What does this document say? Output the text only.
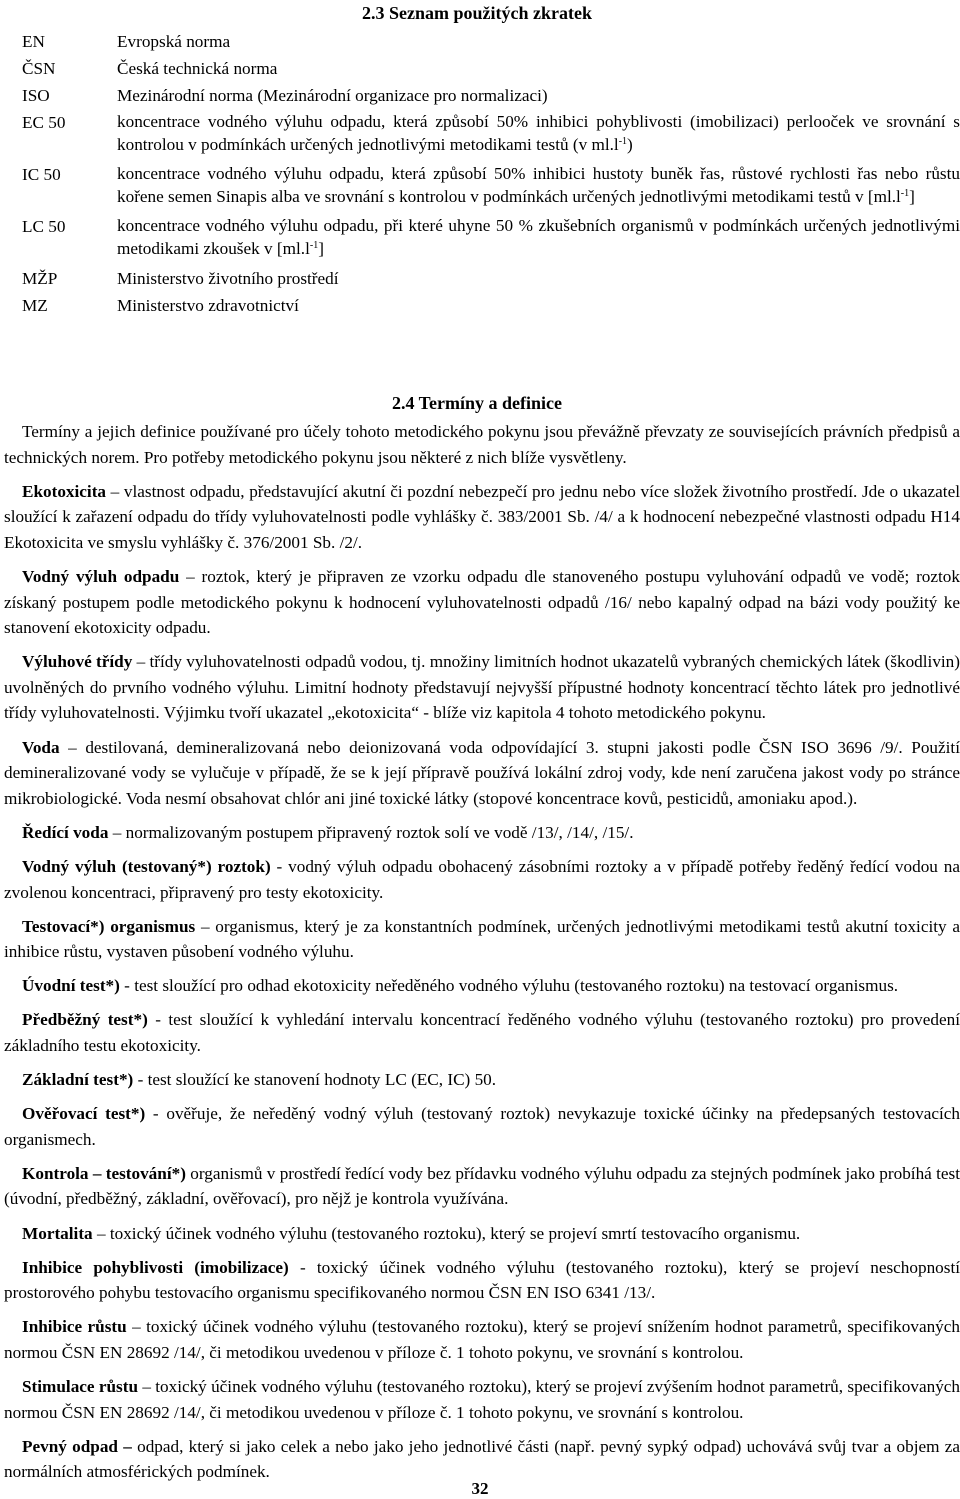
2.3 Seznam použitých zkratek
EN	Evropská norma
ČSN	Česká technická norma
ISO	Mezinárodní norma (Mezinárodní organizace pro normalizaci)
EC 50	koncentrace vodného výluhu odpadu, která způsobí 50% inhibici pohyblivosti (imobilizaci) perlooček ve srovnání s kontrolou v podmínkách určených jednotlivými metodikami testů (v $ml.l^{-1}$)
IC 50	koncentrace vodného výluhu odpadu, která způsobí 50% inhibici hustoty buněk řas, růstové rychlosti řas nebo růstu kořene semen Sinapis alba ve srovnání s kontrolou v podmínkách určených jednotlivými metodikami testů v $[ml.l^{-1}]$
LC 50	koncentrace vodného výluhu odpadu, při které uhyne 50 % zkušebních organismů v podmínkách určených jednotlivými metodikami zkoušek v $[ml.l^{-1}]$
MŽP	Ministerstvo životního prostředí
MZ	Ministerstvo zdravotnictví
2.4 Termíny a definice

Termíny a jejich definice používané pro účely tohoto metodického pokynu jsou převážně převzaty ze souvisejících právních předpisů a technických norem. Pro potřeby metodického pokynu jsou některé z nich blíže vysvětleny.

Ekotoxicita – vlastnost odpadu, představující akutní či pozdní nebezpečí pro jednu nebo více složek životního prostředí. Jde o ukazatel sloužící k zařazení odpadu do třídy vyluhovatelnosti podle vyhlášky č. 383/2001 Sb. /4/ a k hodnocení nebezpečné vlastnosti odpadu H14 Ekotoxicita ve smyslu vyhlášky č. 376/2001 Sb. /2/.

Vodný výluh odpadu – roztok, který je připraven ze vzorku odpadu dle stanoveného postupu vyluhování odpadů ve vodě; roztok získaný postupem podle metodického pokynu k hodnocení vyluhovatelnosti odpadů /16/ nebo kapalný odpad na bázi vody použitý ke stanovení ekotoxicity odpadu.

Výluhové třídy – třídy vyluhovatelnosti odpadů vodou, tj. množiny limitních hodnot ukazatelů vybraných chemických látek (škodlivin) uvolněných do prvního vodného výluhu. Limitní hodnoty představují nejvyšší přípustné hodnoty koncentrací těchto látek pro jednotlivé třídy vyluhovatelnosti. Výjimku tvoří ukazatel „ekotoxicita“ - blíže viz kapitola 4 tohoto metodického pokynu.

Voda – destilovaná, demineralizovaná nebo deionizovaná voda odpovídající 3. stupni jakosti podle ČSN ISO 3696 /9/. Použití demineralizované vody se vylučuje v případě, že se k její přípravě používá lokální zdroj vody, kde není zaručena jakost vody po stránce mikrobiologické. Voda nesmí obsahovat chlór ani jiné toxické látky (stopové koncentrace kovů, pesticidů, amoniaku apod.).

Ředící voda – normalizovaným postupem připravený roztok solí ve vodě /13/, /14/, /15/.

Vodný výluh (testovaný*) roztok) - vodný výluh odpadu obohacený zásobními roztoky a v případě potřeby ředěný ředící vodou na zvolenou koncentraci, připravený pro testy ekotoxicity.

Testovací*) organismus – organismus, který je za konstantních podmínek, určených jednotlivými metodikami testů akutní toxicity a inhibice růstu, vystaven působení vodného výluhu.

Úvodní test*) - test sloužící pro odhad ekotoxicity neředěného vodného výluhu (testovaného roztoku) na testovací organismus.

Předběžný test*) - test sloužící k vyhledání intervalu koncentrací ředěného vodného výluhu (testovaného roztoku) pro provedení základního testu ekotoxicity.

Základní test*) - test sloužící ke stanovení hodnoty LC (EC, IC) 50.

Ověřovací test*) - ověřuje, že neředěný vodný výluh (testovaný roztok) nevykazuje toxické účinky na předepsaných testovacích organismech.

Kontrola – testování*) organismů v prostředí ředící vody bez přídavku vodného výluhu odpadu za stejných podmínek jako probíhá test (úvodní, předběžný, základní, ověřovací), pro nějž je kontrola využívána.

Mortalita – toxický účinek vodného výluhu (testovaného roztoku), který se projeví smrtí testovacího organismu.

Inhibice pohyblivosti (imobilizace) - toxický účinek vodného výluhu (testovaného roztoku), který se projeví neschopností prostorového pohybu testovacího organismu specifikovaného normou ČSN EN ISO 6341 /13/.

Inhibice růstu – toxický účinek vodného výluhu (testovaného roztoku), který se projeví snížením hodnot parametrů, specifikovaných normou ČSN EN 28692 /14/, či metodikou uvedenou v příloze č. 1 tohoto pokynu, ve srovnání s kontrolou.

Stimulace růstu – toxický účinek vodného výluhu (testovaného roztoku), který se projeví zvýšením hodnot parametrů, specifikovaných normou ČSN EN 28692 /14/, či metodikou uvedenou v příloze č. 1 tohoto pokynu, ve srovnání s kontrolou.

Pevný odpad – odpad, který si jako celek a nebo jako jeho jednotlivé části (např. pevný sypký odpad) uchovává svůj tvar a objem za normálních atmosférických podmínek.

32
